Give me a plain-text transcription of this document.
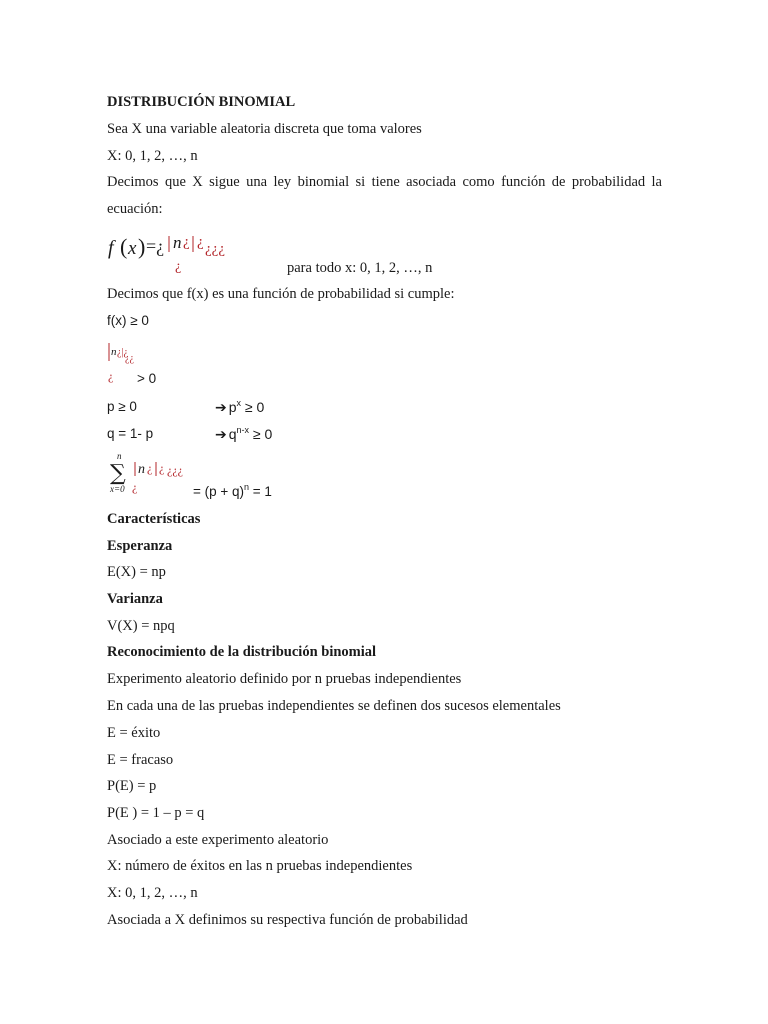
DISTRIBUCIÓN BINOMIAL
Sea X una variable aleatoria discreta que toma valores
X: 0, 1, 2, …, n
Decimos que X sigue una ley binomial si tiene asociada como función de probabilidad la
ecuación:
f ( x ) =¿ n ¿ ¿ ¿¿¿
¿	para todo x: 0, 1, 2, …, n
Decimos que f(x) es una función de probabilidad si cumple:
f(x) ≥ 0
n ¿|¿
¿¿
¿ > 0
p ≥ 0	➔ $p^x \ge 0$
q = 1- p	➔ $q^{n-x} \ge 0$
n
∑
x=0
n ¿ ¿ ¿¿¿
¿	= $(p + q)^n = 1$
Características
Esperanza
E(X) = np
Varianza
V(X) = npq
Reconocimiento de la distribución binomial
Experimento aleatorio definido por n pruebas independientes
En cada una de las pruebas independientes se definen dos sucesos elementales
E = éxito
E = fracaso
P(E) = p
P(E ) = 1 – p = q
Asociado a este experimento aleatorio
X: número de éxitos en las n pruebas independientes
X: 0, 1, 2, …, n
Asociada a X definimos su respectiva función de probabilidad
